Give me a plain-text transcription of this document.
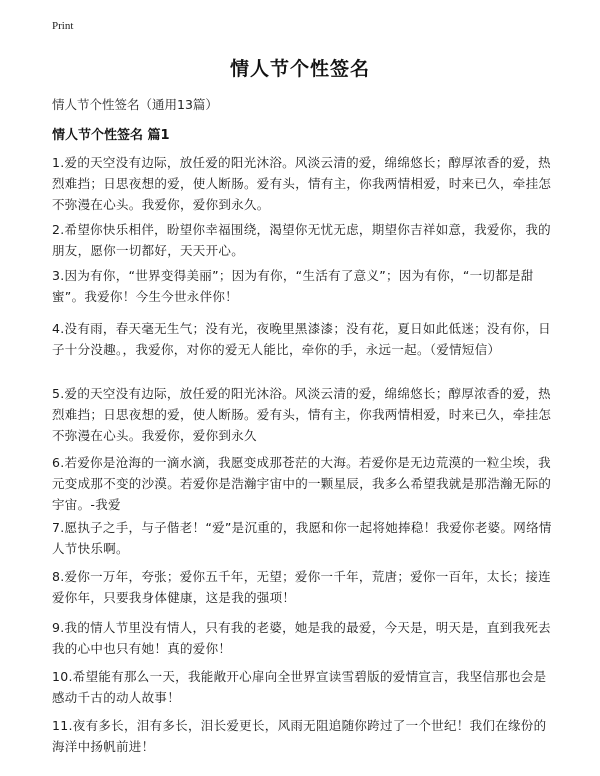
Print
情人节个性签名
情人节个性签名（通用13篇）
情人节个性签名 篇1
1.爱的天空没有边际，放任爱的阳光沐浴。风淡云清的爱，绵绵悠长；醇厚浓香的爱，热烈难挡；日思夜想的爱，使人断肠。爱有头，情有主，你我两情相爱，时来已久，牵挂怎不弥漫在心头。我爱你，爱你到永久。
2.希望你快乐相伴，盼望你幸福围绕，渴望你无忧无虑，期望你吉祥如意，我爱你，我的朋友，愿你一切都好，天天开心。
3.因为有你，“世界变得美丽”；因为有你，“生活有了意义”；因为有你，“一切都是甜蜜”。我爱你！今生今世永伴你！
4.没有雨，春天毫无生气；没有光，夜晚里黑漆漆；没有花，夏日如此低迷；没有你，日子十分没趣。，我爱你，对你的爱无人能比，牵你的手，永远一起。（爱情短信）
5.爱的天空没有边际，放任爱的阳光沐浴。风淡云清的爱，绵绵悠长；醇厚浓香的爱，热烈难挡；日思夜想的爱，使人断肠。爱有头，情有主，你我两情相爱，时来已久，牵挂怎不弥漫在心头。我爱你，爱你到永久
6.若爱你是沧海的一滴水滴，我愿变成那苍茫的大海。若爱你是无边荒漠的一粒尘埃，我元变成那不变的沙漠。若爱你是浩瀚宇宙中的一颗星辰，我多么希望我就是那浩瀚无际的宇宙。-我爱
7.愿执子之手，与子偕老！“爱”是沉重的，我愿和你一起将她捧稳！我爱你老婆。网络情人节快乐啊。
8.爱你一万年，夸张；爱你五千年，无望；爱你一千年，荒唐；爱你一百年，太长；接连爱你年，只要我身体健康，这是我的强项！
9.我的情人节里没有情人，只有我的老婆，她是我的最爱，今天是，明天是，直到我死去我的心中也只有她！真的爱你！
10.希望能有那么一天，我能敞开心扉向全世界宣读雪碧版的爱情宣言，我坚信那也会是感动千古的动人故事！
11.夜有多长，泪有多长，泪长爱更长，风雨无阻追随你跨过了一个世纪！我们在缘份的海洋中扬帆前进！
